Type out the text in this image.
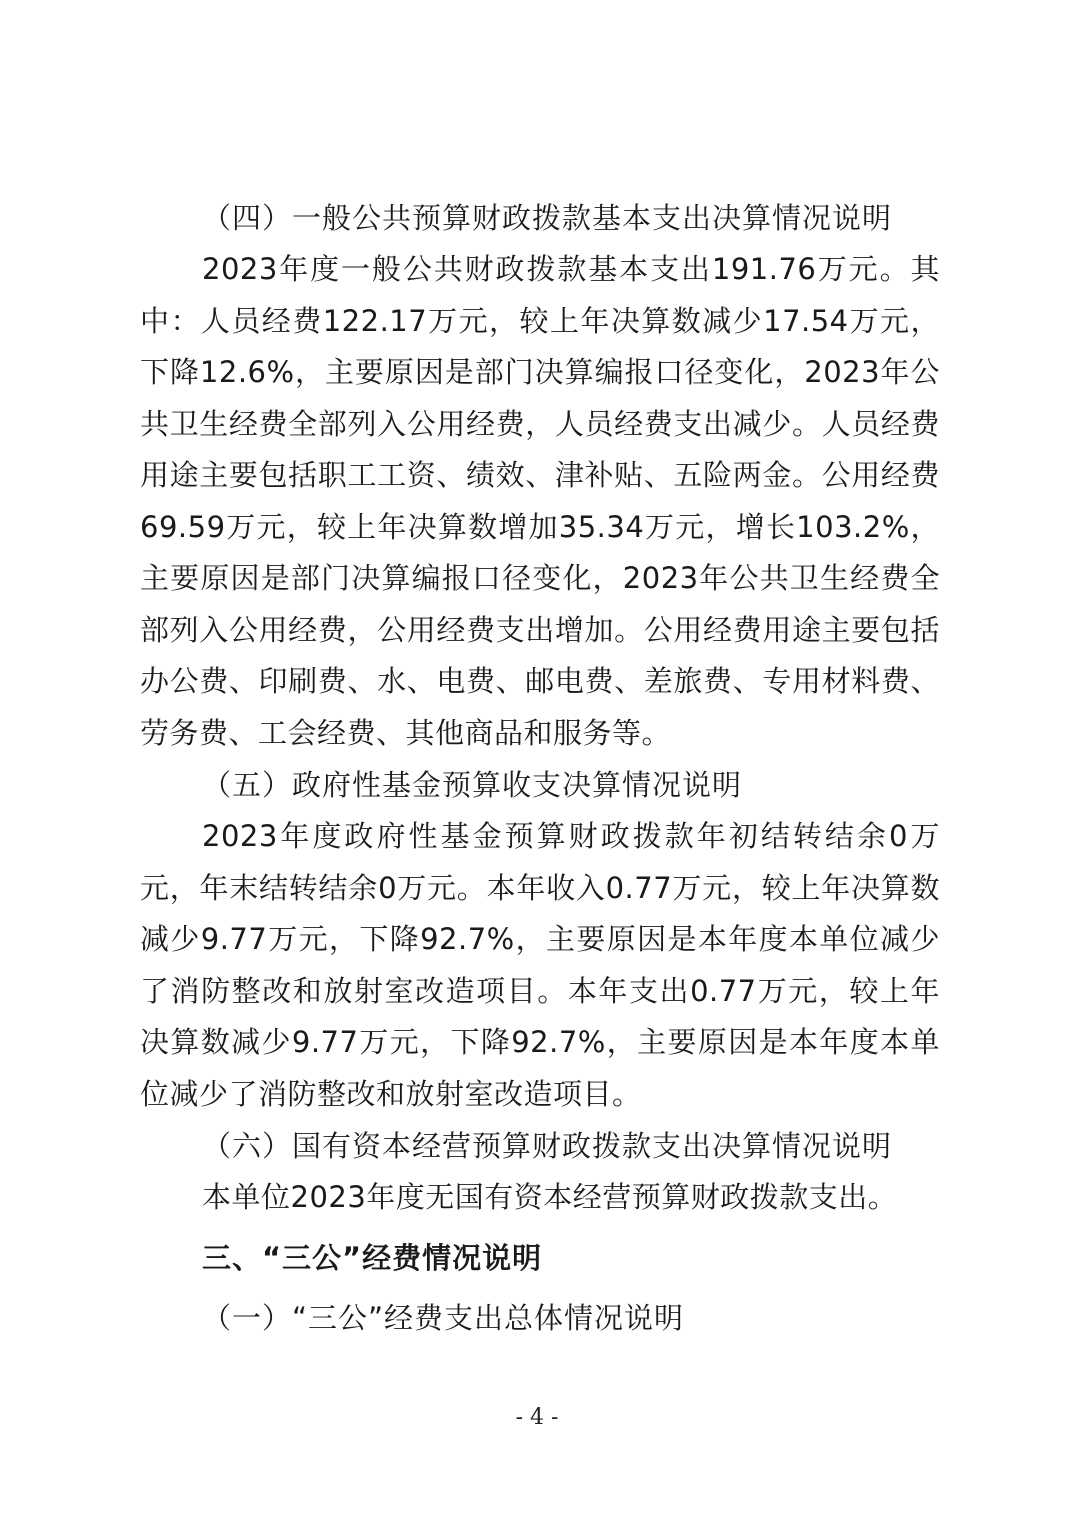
（四）一般公共预算财政拨款基本支出决算情况说明

2023年度一般公共财政拨款基本支出191.76万元。其中：人员经费122.17万元，较上年决算数减少17.54万元，下降12.6%，主要原因是部门决算编报口径变化，2023年公共卫生经费全部列入公用经费，人员经费支出减少。人员经费用途主要包括职工工资、绩效、津补贴、五险两金。公用经费69.59万元，较上年决算数增加35.34万元，增长103.2%，主要原因是部门决算编报口径变化，2023年公共卫生经费全部列入公用经费，公用经费支出增加。公用经费用途主要包括办公费、印刷费、水、电费、邮电费、差旅费、专用材料费、劳务费、工会经费、其他商品和服务等。

（五）政府性基金预算收支决算情况说明

2023年度政府性基金预算财政拨款年初结转结余0万元，年末结转结余0万元。本年收入0.77万元，较上年决算数减少9.77万元，下降92.7%，主要原因是本年度本单位减少了消防整改和放射室改造项目。本年支出0.77万元，较上年决算数减少9.77万元，下降92.7%，主要原因是本年度本单位减少了消防整改和放射室改造项目。

（六）国有资本经营预算财政拨款支出决算情况说明

本单位2023年度无国有资本经营预算财政拨款支出。

三、“三公”经费情况说明
（一）“三公”经费支出总体情况说明
- 4 -
